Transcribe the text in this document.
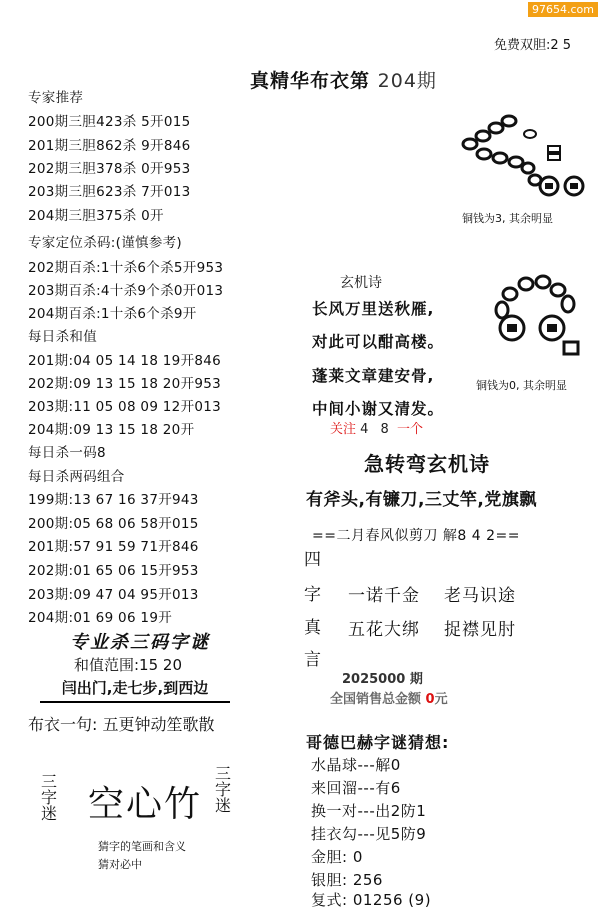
97654.com
免费双胆:2 5
真精华布衣第 204期
专家推荐
200期三胆423杀 5开015
201期三胆862杀 9开846
202期三胆378杀 0开953
203期三胆623杀 7开013
204期三胆375杀 0开
专家定位杀码:(谨慎参考)
202期百杀:1十杀6个杀5开953
203期百杀:4十杀9个杀0开013
204期百杀:1十杀6个杀9开
每日杀和值
201期:04 05 14 18 19开846
202期:09 13 15 18 20开953
203期:11 05 08 09 12开013
204期:09 13 15 18 20开
每日杀一码8
每日杀两码组合
199期:13 67 16 37开943
200期:05 68 06 58开015
201期:57 91 59 71开846
202期:01 65 06 15开953
203期:09 47 04 95开013
204期:01 69 06 19开
专业杀三码字谜
和值范围:15 20
闫出门,走七步,到西边
布衣一句: 五更钟动笙歌散
三字迷 空心竹
三字迷
猜字的笔画和含义
猜对必中
铜钱为3, 其余明显
铜钱为0, 其余明显
玄机诗
长风万里送秋雁,
对此可以酣高楼。
蓬莱文章建安骨,
中间小谢又清发。
关注 4 8 一个
急转弯玄机诗
有斧头,有镰刀,三丈竿,党旗飘
==二月春风似剪刀 解8 4 2==
四
字
真
言
一诺千金 老马识途
五花大绑 捉襟见肘
2025000 期
全国销售总金额 0元
哥德巴赫字谜猜想:
水晶球---解0
来回溜---有6
换一对---出2防1
挂衣勾---见5防9
金胆: 0
银胆: 256
复式: 01256 (9)
